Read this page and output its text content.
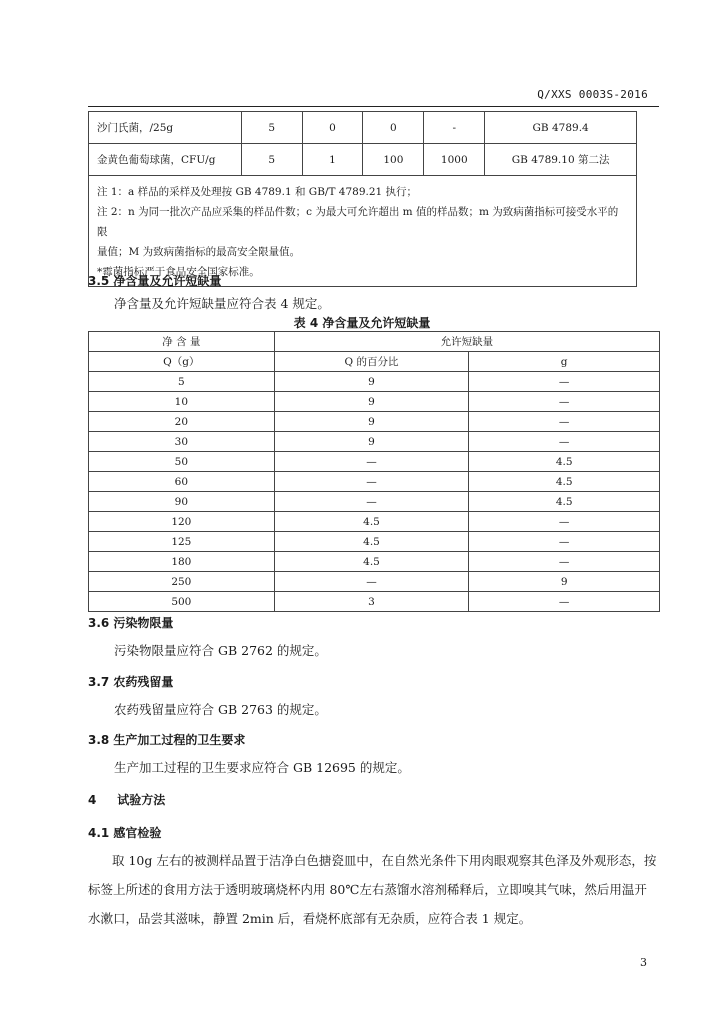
Q/XXS 0003S-2016
沙门氏菌，/25g	5	0	0	-	GB 4789.4
金黄色葡萄球菌，CFU/g	5	1	100	1000	GB 4789.10 第二法

注 1：a 样品的采样及处理按 GB 4789.1 和 GB/T 4789.21 执行；
注 2：n 为同一批次产品应采集的样品件数；c 为最大可允许超出 m 值的样品数；m 为致病菌指标可接受水平的限
量值；M 为致病菌指标的最高安全限量值。
*霉菌指标严于食品安全国家标准。					
3.5 净含量及允许短缺量
净含量及允许短缺量应符合表 4 规定。
表 4 净含量及允许短缺量
净 含 量	允许短缺量	
Q（g）	Q 的百分比	g
5	9	—
10	9	—
20	9	—
30	9	—
50	—	4.5
60	—	4.5
90	—	4.5
120	4.5	—
125	4.5	—
180	4.5	—
250	—	9
500	3	—
3.6 污染物限量
污染物限量应符合 GB 2762 的规定。
3.7 农药残留量
农药残留量应符合 GB 2763 的规定。
3.8 生产加工过程的卫生要求
生产加工过程的卫生要求应符合 GB 12695 的规定。
4     试验方法
4.1 感官检验
取 10g 左右的被测样品置于洁净白色搪瓷皿中，在自然光条件下用肉眼观察其色泽及外观形态，按
标签上所述的食用方法于透明玻璃烧杯内用 80℃左右蒸馏水溶剂稀释后，立即嗅其气味，然后用温开
水漱口，品尝其滋味，静置 2min 后，看烧杯底部有无杂质，应符合表 1 规定。
3
